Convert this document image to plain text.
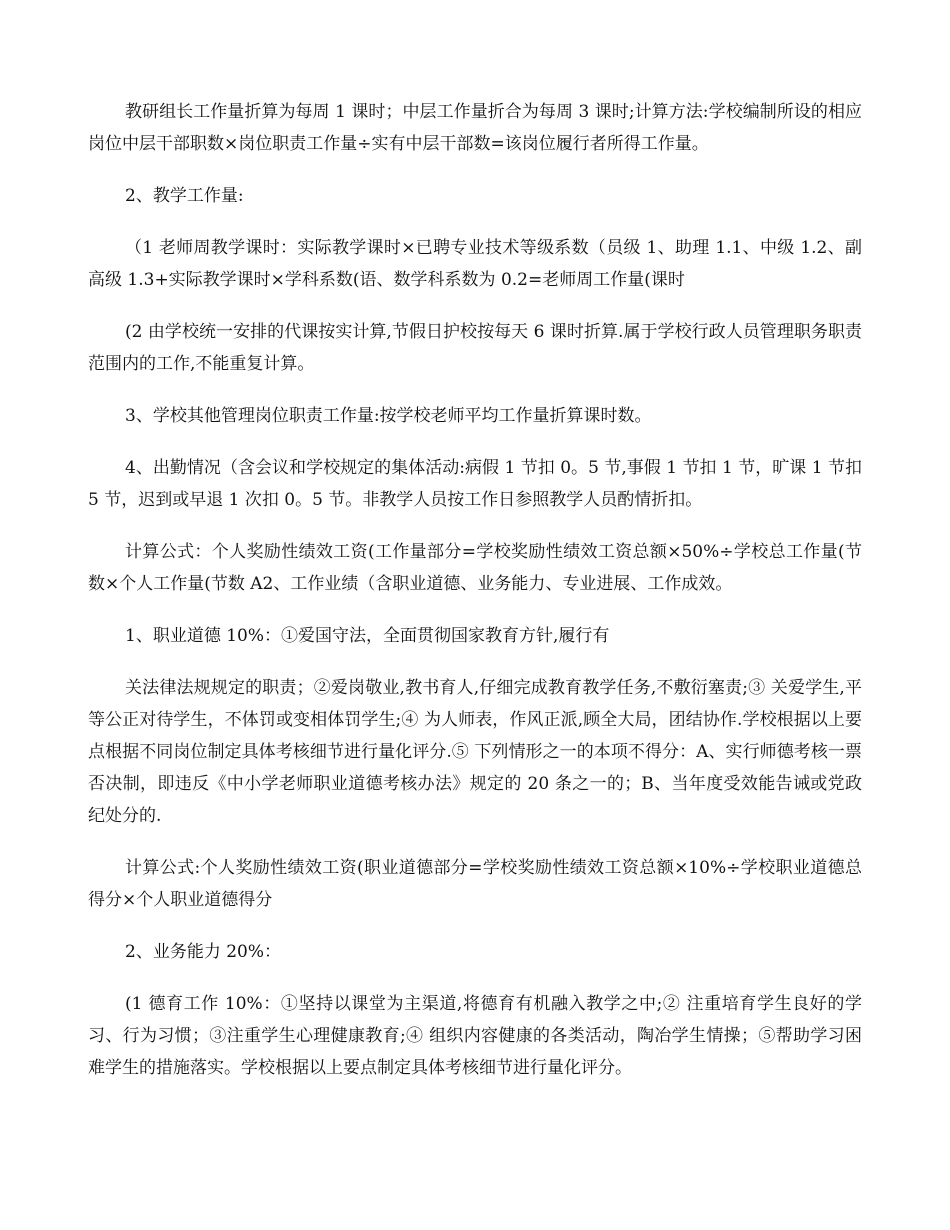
教研组长工作量折算为每周 1 课时；中层工作量折合为每周 3 课时;计算方法:学校编制所设的相应岗位中层干部职数×岗位职责工作量÷实有中层干部数=该岗位履行者所得工作量。

2、教学工作量:

（1 老师周教学课时：实际教学课时×已聘专业技术等级系数（员级 1、助理 1.1、中级 1.2、副高级 1.3+实际教学课时×学科系数(语、数学科系数为 0.2=老师周工作量(课时

(2 由学校统一安排的代课按实计算,节假日护校按每天 6 课时折算.属于学校行政人员管理职务职责范围内的工作,不能重复计算。

3、学校其他管理岗位职责工作量:按学校老师平均工作量折算课时数。

4、出勤情况（含会议和学校规定的集体活动:病假 1 节扣 0。5 节,事假 1 节扣 1 节，旷课 1 节扣 5 节，迟到或早退 1 次扣 0。5 节。非教学人员按工作日参照教学人员酌情折扣。

计算公式：个人奖励性绩效工资(工作量部分=学校奖励性绩效工资总额×50%÷学校总工作量(节数×个人工作量(节数 A2、工作业绩（含职业道德、业务能力、专业进展、工作成效。

1、职业道德 10%：①爱国守法，全面贯彻国家教育方针,履行有

关法律法规规定的职责；②爱岗敬业,教书育人,仔细完成教育教学任务,不敷衍塞责;③ 关爱学生,平等公正对待学生，不体罚或变相体罚学生;④ 为人师表，作风正派,顾全大局，团结协作.学校根据以上要点根据不同岗位制定具体考核细节进行量化评分.⑤ 下列情形之一的本项不得分：A、实行师德考核一票否决制，即违反《中小学老师职业道德考核办法》规定的 20 条之一的；B、当年度受效能告诫或党政纪处分的.

计算公式:个人奖励性绩效工资(职业道德部分=学校奖励性绩效工资总额×10%÷学校职业道德总得分×个人职业道德得分

2、业务能力 20%：

(1 德育工作 10%：①坚持以课堂为主渠道,将德育有机融入教学之中;② 注重培育学生良好的学习、行为习惯；③注重学生心理健康教育;④ 组织内容健康的各类活动，陶冶学生情操；⑤帮助学习困难学生的措施落实。学校根据以上要点制定具体考核细节进行量化评分。
